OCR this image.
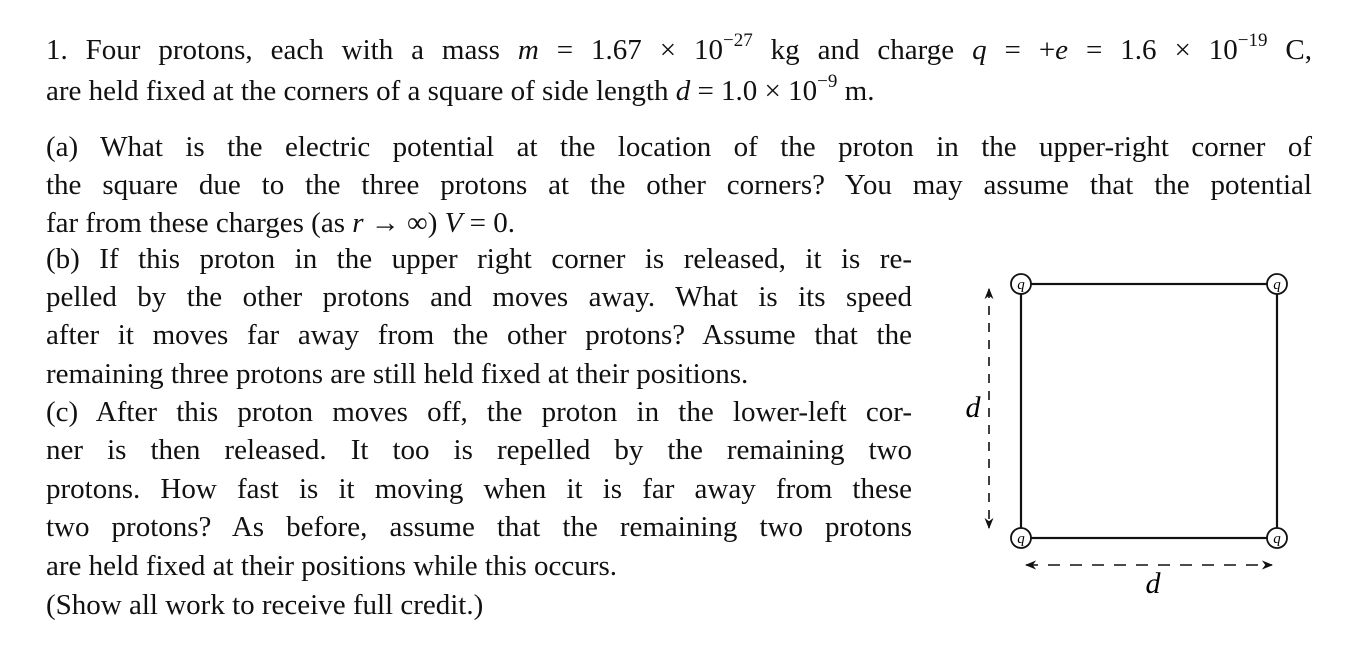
1. Four protons, each with a mass $m = 1.67 \times 10^{-27}$ kg and charge $q = +e = 1.6 \times 10^{-19}$ C,
are held fixed at the corners of a square of side length $d = 1.0 \times 10^{-9}$ m.
(a) What is the electric potential at the location of the proton in the upper-right corner of
the square due to the three protons at the other corners? You may assume that the potential
far from these charges (as r → ∞) V = 0.
(b) If this proton in the upper right corner is released, it is re-
pelled by the other protons and moves away. What is its speed
after it moves far away from the other protons? Assume that the
remaining three protons are still held fixed at their positions.
(c) After this proton moves off, the proton in the lower-left cor-
ner is then released. It too is repelled by the remaining two
protons. How fast is it moving when it is far away from these
two protons? As before, assume that the remaining two protons
are held fixed at their positions while this occurs.
(Show all work to receive full credit.)
d
d
q	q
q	q
